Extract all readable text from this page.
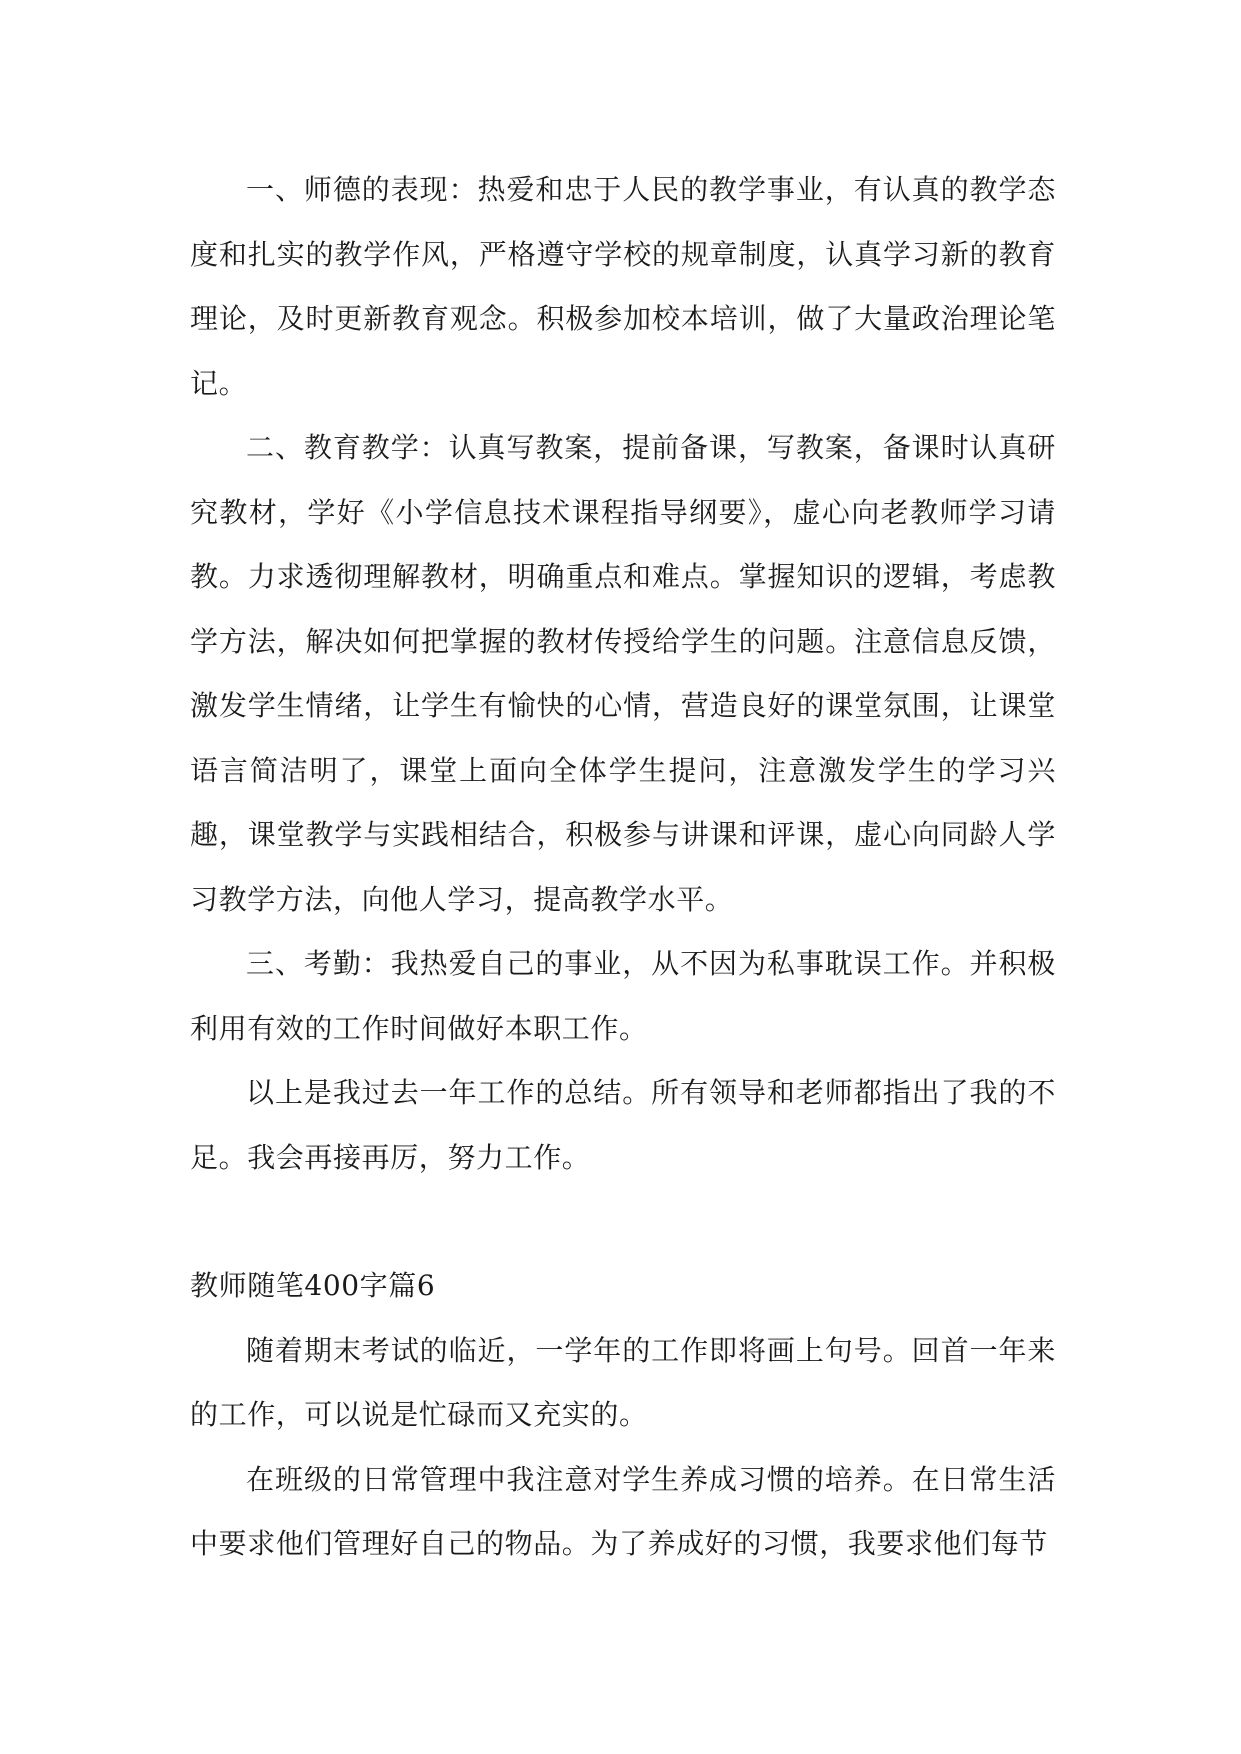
一、师德的表现：热爱和忠于人民的教学事业，有认真的教学态度和扎实的教学作风，严格遵守学校的规章制度，认真学习新的教育理论，及时更新教育观念。积极参加校本培训，做了大量政治理论笔记。

二、教育教学：认真写教案，提前备课，写教案，备课时认真研究教材，学好《小学信息技术课程指导纲要》，虚心向老教师学习请教。力求透彻理解教材，明确重点和难点。掌握知识的逻辑，考虑教学方法，解决如何把掌握的教材传授给学生的问题。注意信息反馈，激发学生情绪，让学生有愉快的心情，营造良好的课堂氛围，让课堂语言简洁明了，课堂上面向全体学生提问，注意激发学生的学习兴趣，课堂教学与实践相结合，积极参与讲课和评课，虚心向同龄人学习教学方法，向他人学习，提高教学水平。

三、考勤：我热爱自己的事业，从不因为私事耽误工作。并积极利用有效的工作时间做好本职工作。

以上是我过去一年工作的总结。所有领导和老师都指出了我的不足。我会再接再厉，努力工作。

教师随笔400字篇6

随着期末考试的临近，一学年的工作即将画上句号。回首一年来的工作，可以说是忙碌而又充实的。

在班级的日常管理中我注意对学生养成习惯的培养。在日常生活中要求他们管理好自己的物品。为了养成好的习惯，我要求他们每节
